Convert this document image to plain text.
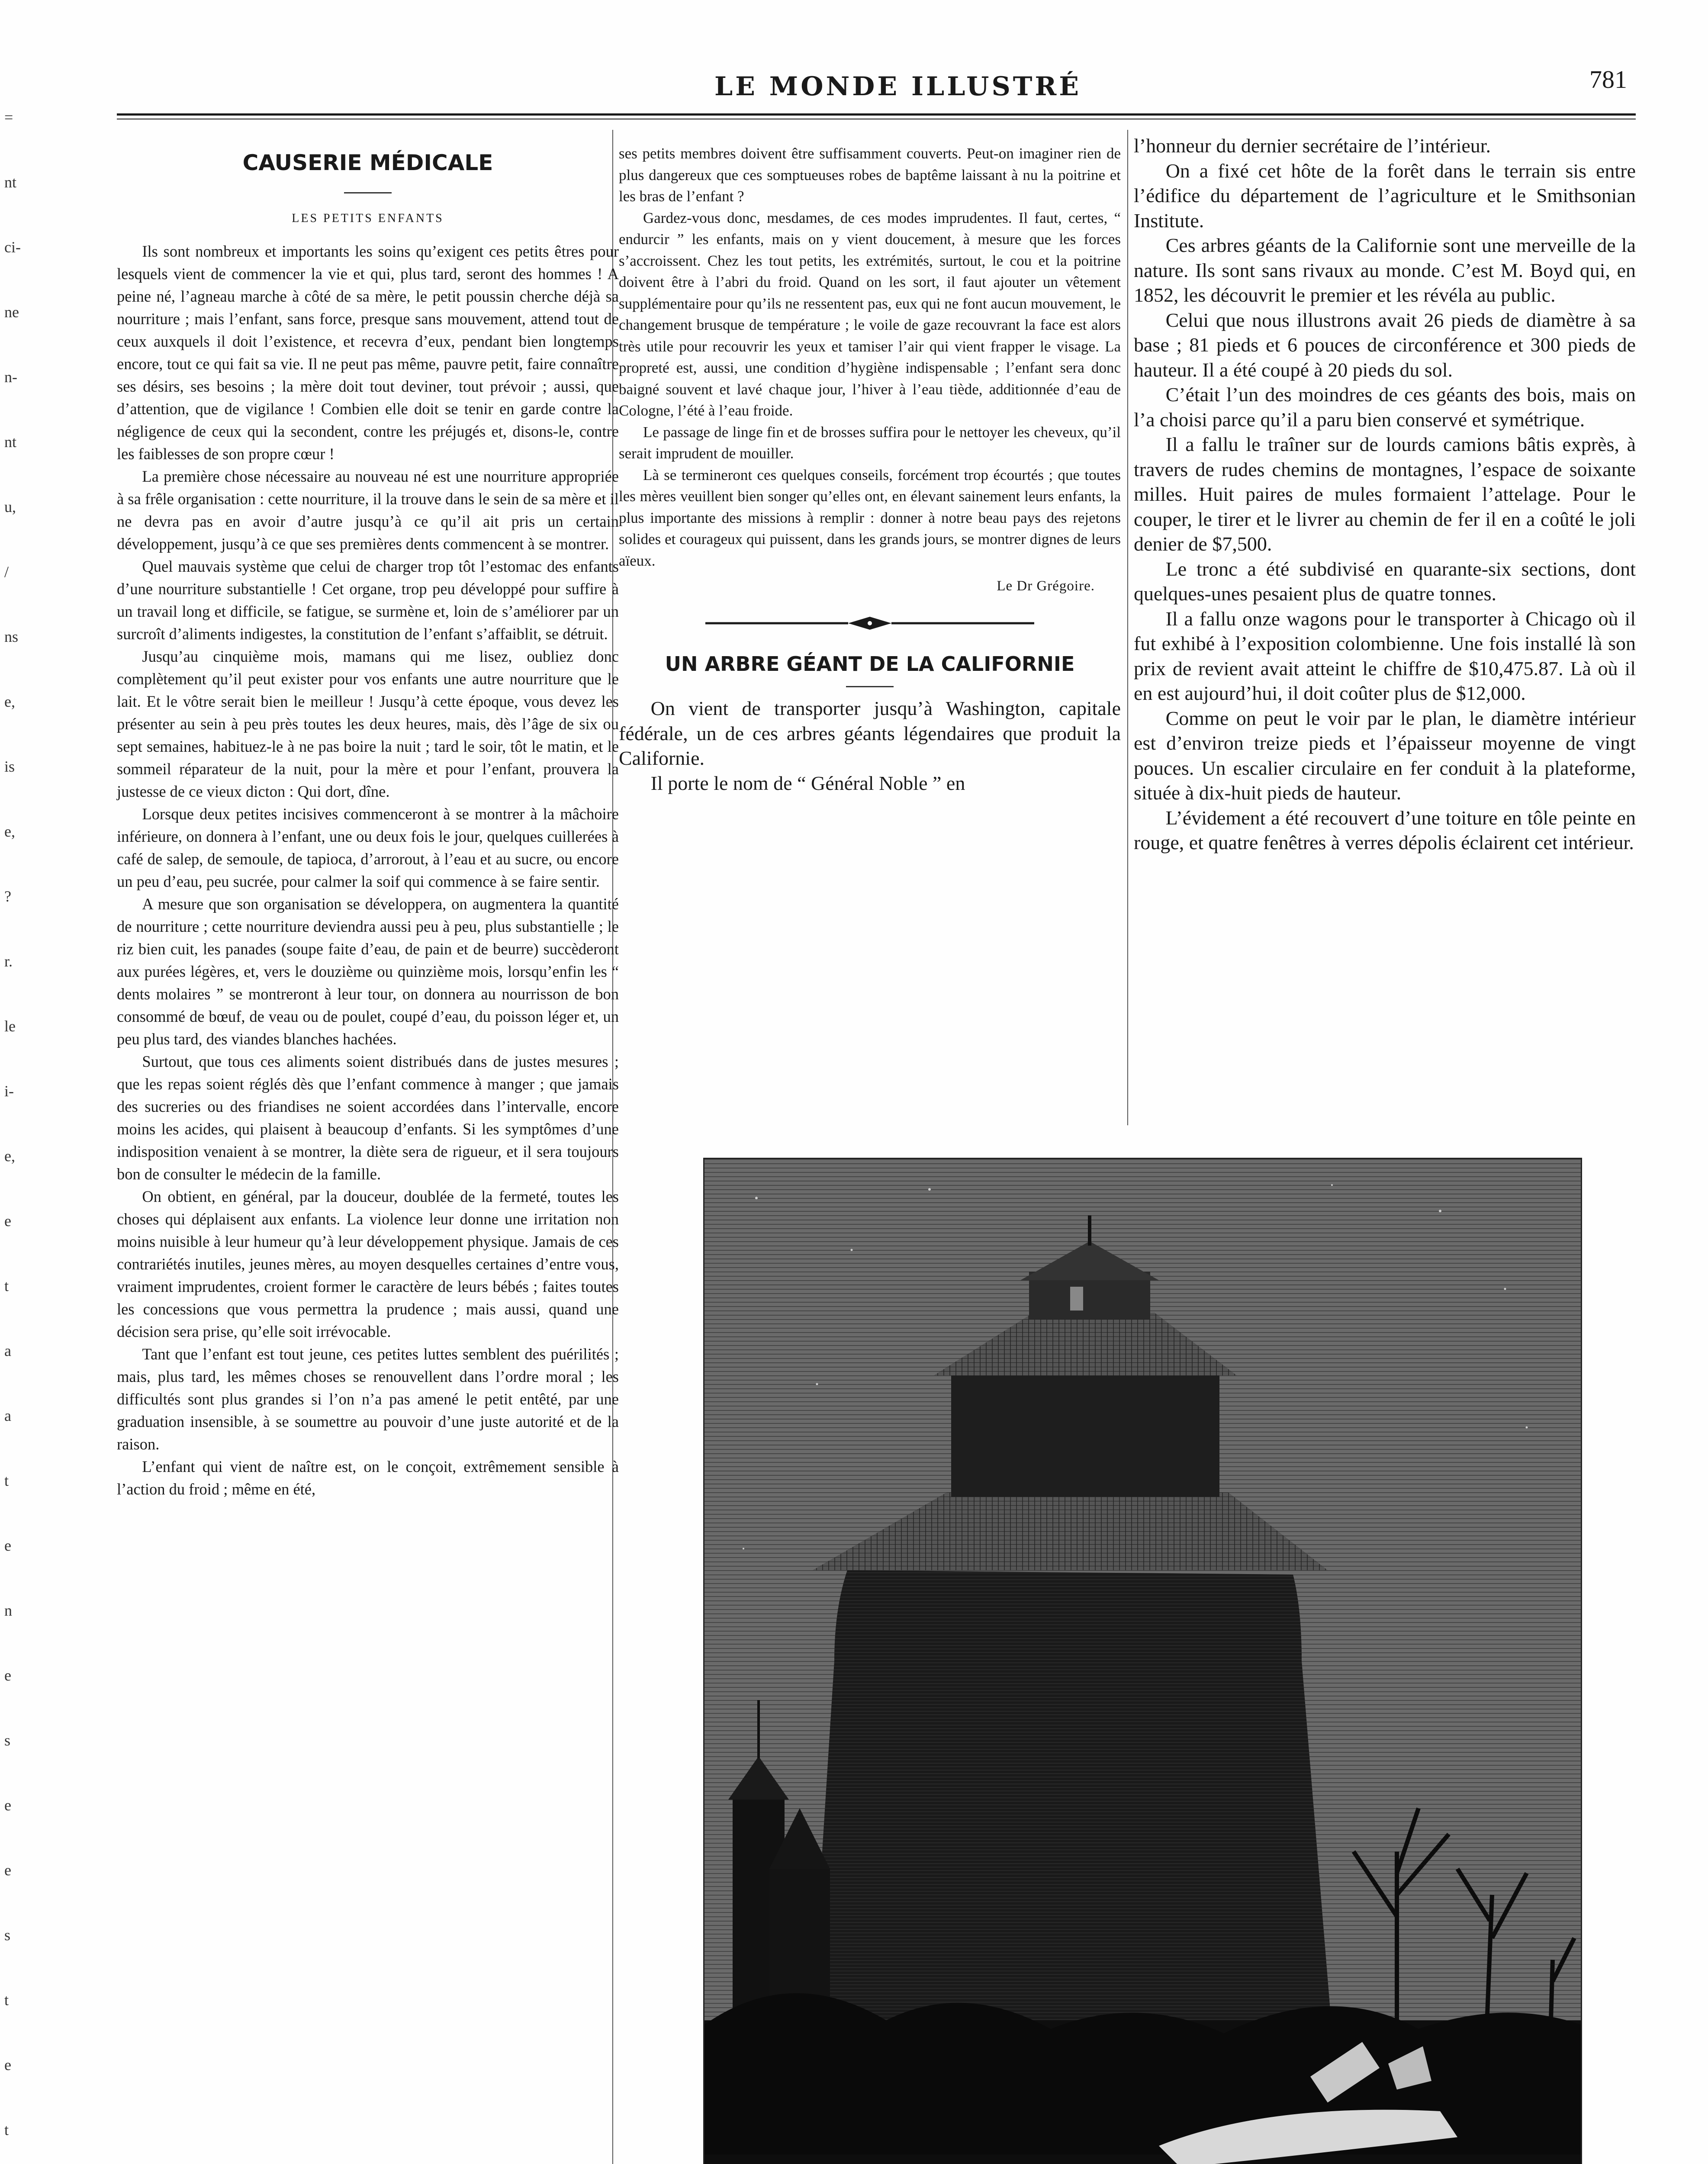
=
nt
ci-
ne
n-
nt
u,
/
ns
e,
is
e,
?
r.
le
i-
e,
e
t
a
a
t
e
n
e
s
e
e
s
t
e
t
LE MONDE ILLUSTRÉ	781
CAUSERIE MÉDICALE
LES PETITS ENFANTS

Ils sont nombreux et importants les soins qu’exigent ces petits êtres pour lesquels vient de commencer la vie et qui, plus tard, seront des hommes ! A peine né, l’agneau marche à côté de sa mère, le petit poussin cherche déjà sa nourriture ; mais l’enfant, sans force, presque sans mouvement, attend tout de ceux auxquels il doit l’existence, et recevra d’eux, pendant bien longtemps encore, tout ce qui fait sa vie. Il ne peut pas même, pauvre petit, faire connaître ses désirs, ses besoins ; la mère doit tout deviner, tout prévoir ; aussi, que d’attention, que de vigilance ! Combien elle doit se tenir en garde contre la négligence de ceux qui la secondent, contre les préjugés et, disons-le, contre les faiblesses de son propre cœur !

La première chose nécessaire au nouveau né est une nourriture appropriée à sa frêle organisation : cette nourriture, il la trouve dans le sein de sa mère et il ne devra pas en avoir d’autre jusqu’à ce qu’il ait pris un certain développement, jusqu’à ce que ses premières dents commencent à se montrer.

Quel mauvais système que celui de charger trop tôt l’estomac des enfants d’une nourriture substantielle ! Cet organe, trop peu développé pour suffire à un travail long et difficile, se fatigue, se surmène et, loin de s’améliorer par un surcroît d’aliments indigestes, la constitution de l’enfant s’affaiblit, se détruit.

Jusqu’au cinquième mois, mamans qui me lisez, oubliez donc complètement qu’il peut exister pour vos enfants une autre nourriture que le lait. Et le vôtre serait bien le meilleur ! Jusqu’à cette époque, vous devez les présenter au sein à peu près toutes les deux heures, mais, dès l’âge de six ou sept semaines, habituez-le à ne pas boire la nuit ; tard le soir, tôt le matin, et le sommeil réparateur de la nuit, pour la mère et pour l’enfant, prouvera la justesse de ce vieux dicton : Qui dort, dîne.

Lorsque deux petites incisives commenceront à se montrer à la mâchoire inférieure, on donnera à l’enfant, une ou deux fois le jour, quelques cuillerées à café de salep, de semoule, de tapioca, d’arrorout, à l’eau et au sucre, ou encore un peu d’eau, peu sucrée, pour calmer la soif qui commence à se faire sentir.

A mesure que son organisation se développera, on augmentera la quantité de nourriture ; cette nourriture deviendra aussi peu à peu, plus substantielle ; le riz bien cuit, les panades (soupe faite d’eau, de pain et de beurre) succèderont aux purées légères, et, vers le douzième ou quinzième mois, lorsqu’enfin les “ dents molaires ” se montreront à leur tour, on donnera au nourrisson de bon consommé de bœuf, de veau ou de poulet, coupé d’eau, du poisson léger et, un peu plus tard, des viandes blanches hachées.

Surtout, que tous ces aliments soient distribués dans de justes mesures ; que les repas soient réglés dès que l’enfant commence à manger ; que jamais des sucreries ou des friandises ne soient accordées dans l’intervalle, encore moins les acides, qui plaisent à beaucoup d’enfants. Si les symptômes d’une indisposition venaient à se montrer, la diète sera de rigueur, et il sera toujours bon de consulter le médecin de la famille.

On obtient, en général, par la douceur, doublée de la fermeté, toutes les choses qui déplaisent aux enfants. La violence leur donne une irritation non moins nuisible à leur humeur qu’à leur développement physique. Jamais de ces contrariétés inutiles, jeunes mères, au moyen desquelles certaines d’entre vous, vraiment imprudentes, croient former le caractère de leurs bébés ; faites toutes les concessions que vous permettra la prudence ; mais aussi, quand une décision sera prise, qu’elle soit irrévocable.

Tant que l’enfant est tout jeune, ces petites luttes semblent des puérilités ; mais, plus tard, les mêmes choses se renouvellent dans l’ordre moral ; les difficultés sont plus grandes si l’on n’a pas amené le petit entêté, par une graduation insensible, à se soumettre au pouvoir d’une juste autorité et de la raison.

L’enfant qui vient de naître est, on le conçoit, extrêmement sensible à l’action du froid ; même en été,

ses petits membres doivent être suffisamment couverts. Peut-on imaginer rien de plus dangereux que ces somptueuses robes de baptême laissant à nu la poitrine et les bras de l’enfant ?

Gardez-vous donc, mesdames, de ces modes imprudentes. Il faut, certes, “ endurcir ” les enfants, mais on y vient doucement, à mesure que les forces s’accroissent. Chez les tout petits, les extrémités, surtout, le cou et la poitrine doivent être à l’abri du froid. Quand on les sort, il faut ajouter un vêtement supplémentaire pour qu’ils ne ressentent pas, eux qui ne font aucun mouvement, le changement brusque de température ; le voile de gaze recouvrant la face est alors très utile pour recouvrir les yeux et tamiser l’air qui vient frapper le visage. La propreté est, aussi, une condition d’hygiène indispensable ; l’enfant sera donc baigné souvent et lavé chaque jour, l’hiver à l’eau tiède, additionnée d’eau de Cologne, l’été à l’eau froide.

Le passage de linge fin et de brosses suffira pour le nettoyer les cheveux, qu’il serait imprudent de mouiller.

Là se termineront ces quelques conseils, forcément trop écourtés ; que toutes les mères veuillent bien songer qu’elles ont, en élevant sainement leurs enfants, la plus importante des missions à remplir : donner à notre beau pays des rejetons solides et courageux qui puissent, dans les grands jours, se montrer dignes de leurs aïeux.

Le Dr Grégoire.
UN ARBRE GÉANT DE LA CALIFORNIE

On vient de transporter jusqu’à Washington, capitale fédérale, un de ces arbres géants légendaires que produit la Californie.

Il porte le nom de “ Général Noble ” en

l’honneur du dernier secrétaire de l’intérieur.

On a fixé cet hôte de la forêt dans le terrain sis entre l’édifice du département de l’agriculture et le Smithsonian Institute.

Ces arbres géants de la Californie sont une merveille de la nature. Ils sont sans rivaux au monde. C’est M. Boyd qui, en 1852, les découvrit le premier et les révéla au public.

Celui que nous illustrons avait 26 pieds de diamètre à sa base ; 81 pieds et 6 pouces de circonférence et 300 pieds de hauteur. Il a été coupé à 20 pieds du sol.

C’était l’un des moindres de ces géants des bois, mais on l’a choisi parce qu’il a paru bien conservé et symétrique.

Il a fallu le traîner sur de lourds camions bâtis exprès, à travers de rudes chemins de montagnes, l’espace de soixante milles. Huit paires de mules formaient l’attelage. Pour le couper, le tirer et le livrer au chemin de fer il en a coûté le joli denier de $7,500.

Le tronc a été subdivisé en quarante-six sections, dont quelques-unes pesaient plus de quatre tonnes.

Il a fallu onze wagons pour le transporter à Chicago où il fut exhibé à l’exposition colombienne. Une fois installé là son prix de revient avait atteint le chiffre de $10,475.87. Là où il en est aujourd’hui, il doit coûter plus de $12,000.

Comme on peut le voir par le plan, le diamètre intérieur est d’environ treize pieds et l’épaisseur moyenne de vingt pouces. Un escalier circulaire en fer conduit à la plateforme, située à dix-huit pieds de hauteur.

L’évidement a été recouvert d’une toiture en tôle peinte en rouge, et quatre fenêtres à verres dépolis éclairent cet intérieur.
